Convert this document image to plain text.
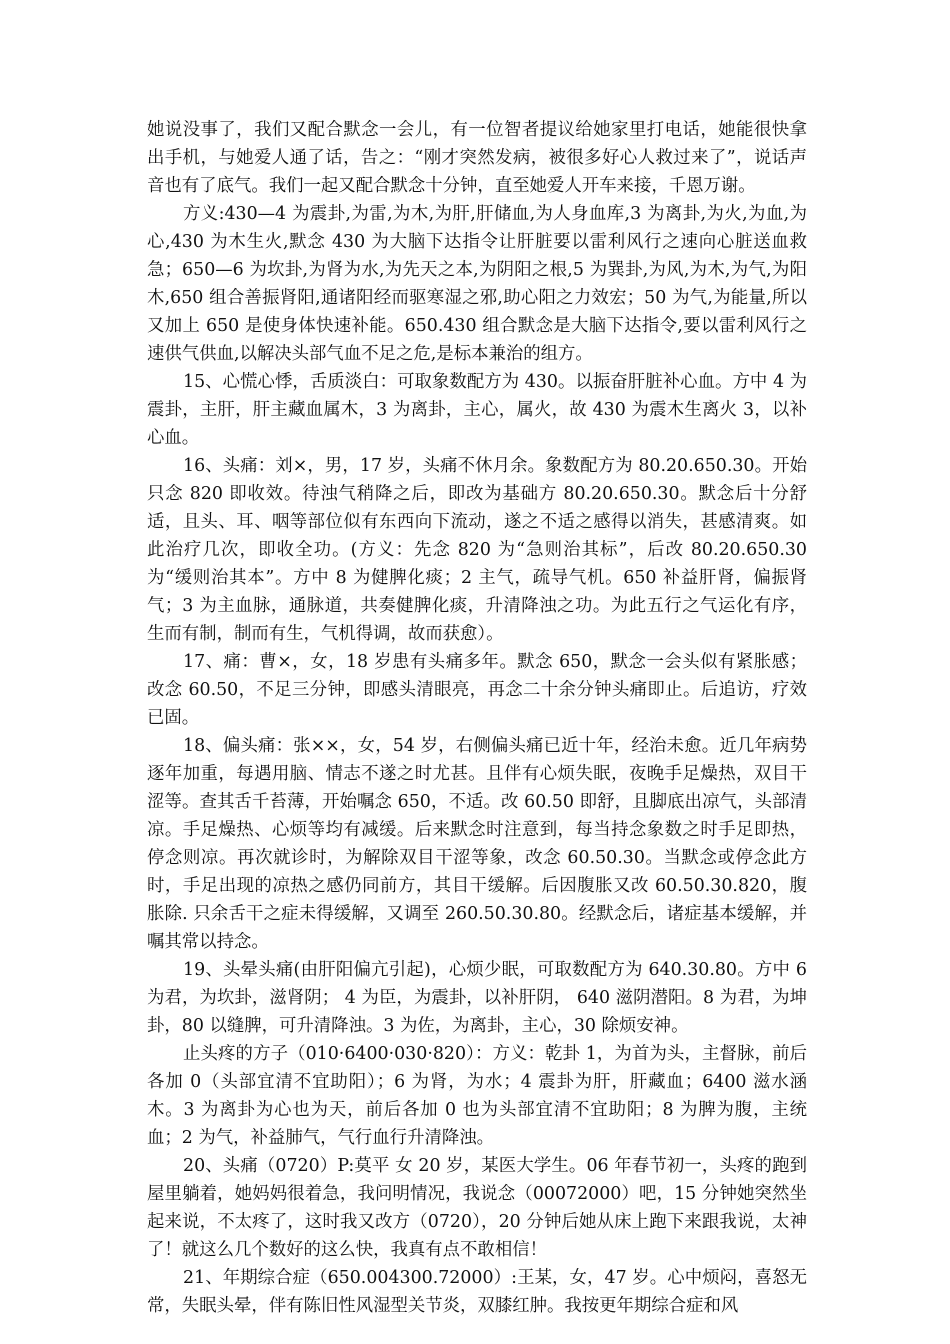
她说没事了，我们又配合默念一会儿，有一位智者提议给她家里打电话，她能很快拿出手机，与她爱人通了话，告之：“刚才突然发病，被很多好心人救过来了”，说话声音也有了底气。我们一起又配合默念十分钟，直至她爱人开车来接，千恩万谢。

方义:430—4 为震卦,为雷,为木,为肝,肝储血,为人身血库,3 为离卦,为火,为血,为心,430 为木生火,默念 430 为大脑下达指令让肝脏要以雷利风行之速向心脏送血救急；650—6 为坎卦,为肾为水,为先天之本,为阴阳之根,5 为巽卦,为风,为木,为气,为阳木,650 组合善振肾阳,通诸阳经而驱寒湿之邪,助心阳之力效宏；50 为气,为能量,所以又加上 650 是使身体快速补能。650.430 组合默念是大脑下达指令,要以雷利风行之速供气供血,以解决头部气血不足之危,是标本兼治的组方。

15、心慌心悸，舌质淡白：可取象数配方为 430。以振奋肝脏补心血。方中 4 为震卦，主肝，肝主藏血属木，3 为离卦，主心，属火，故 430 为震木生离火 3，以补心血。

16、头痛：刘×，男，17 岁，头痛不休月余。象数配方为 80.20.650.30。开始只念 820 即收效。待浊气稍降之后，即改为基础方 80.20.650.30。默念后十分舒适，且头、耳、咽等部位似有东西向下流动，遂之不适之感得以消失，甚感清爽。如此治疗几次，即收全功。(方义：先念 820 为“急则治其标”，后改 80.20.650.30 为“缓则治其本”。方中 8 为健脾化痰；2 主气，疏导气机。650 补益肝肾，偏振肾气；3 为主血脉，通脉道，共奏健脾化痰，升清降浊之功。为此五行之气运化有序，生而有制，制而有生，气机得调，故而获愈）。

17、痛：曹×，女，18 岁患有头痛多年。默念 650，默念一会头似有紧胀感；改念 60.50，不足三分钟，即感头清眼亮，再念二十余分钟头痛即止。后追访，疗效已固。

18、偏头痛：张××，女，54 岁，右侧偏头痛已近十年，经治未愈。近几年病势逐年加重，每遇用脑、情志不遂之时尤甚。且伴有心烦失眠，夜晚手足燥热，双目干涩等。查其舌千苔薄，开始嘱念 650，不适。改 60.50 即舒，且脚底出凉气，头部清凉。手足燥热、心烦等均有减缓。后来默念时注意到，每当持念象数之时手足即热，停念则凉。再次就诊时，为解除双目干涩等象，改念 60.50.30。当默念或停念此方时，手足出现的凉热之感仍同前方，其目干缓解。后因腹胀又改 60.50.30.820，腹胀除. 只余舌干之症未得缓解，又调至 260.50.30.80。经默念后，诸症基本缓解，并嘱其常以持念。

19、头晕头痛(由肝阳偏亢引起)，心烦少眠，可取数配方为 640.30.80。方中 6 为君，为坎卦，滋肾阴； 4 为臣，为震卦，以补肝阴， 640 滋阴潜阳。8 为君，为坤卦，80 以缝脾，可升清降浊。3 为佐，为离卦，主心，30 除烦安神。

止头疼的方子（010·6400·030·820）：方义：乾卦 1，为首为头，主督脉，前后各加 0（头部宜清不宜助阳）；6 为肾，为水；4 震卦为肝，肝藏血；6400 滋水涵木。3 为离卦为心也为天，前后各加 0 也为头部宜清不宜助阳；8 为脾为腹，主统血；2 为气，补益肺气，气行血行升清降浊。

20、头痛（0720）P:莫平 女 20 岁，某医大学生。06 年春节初一，头疼的跑到屋里躺着，她妈妈很着急，我问明情况，我说念（00072000）吧，15 分钟她突然坐起来说，不太疼了，这时我又改方（0720），20 分钟后她从床上跑下来跟我说，太神了！就这么几个数好的这么快，我真有点不敢相信！

21、年期综合症（650.004300.72000）:王某，女，47 岁。心中烦闷，喜怒无常，失眠头晕，伴有陈旧性风湿型关节炎，双膝红肿。我按更年期综合症和风
